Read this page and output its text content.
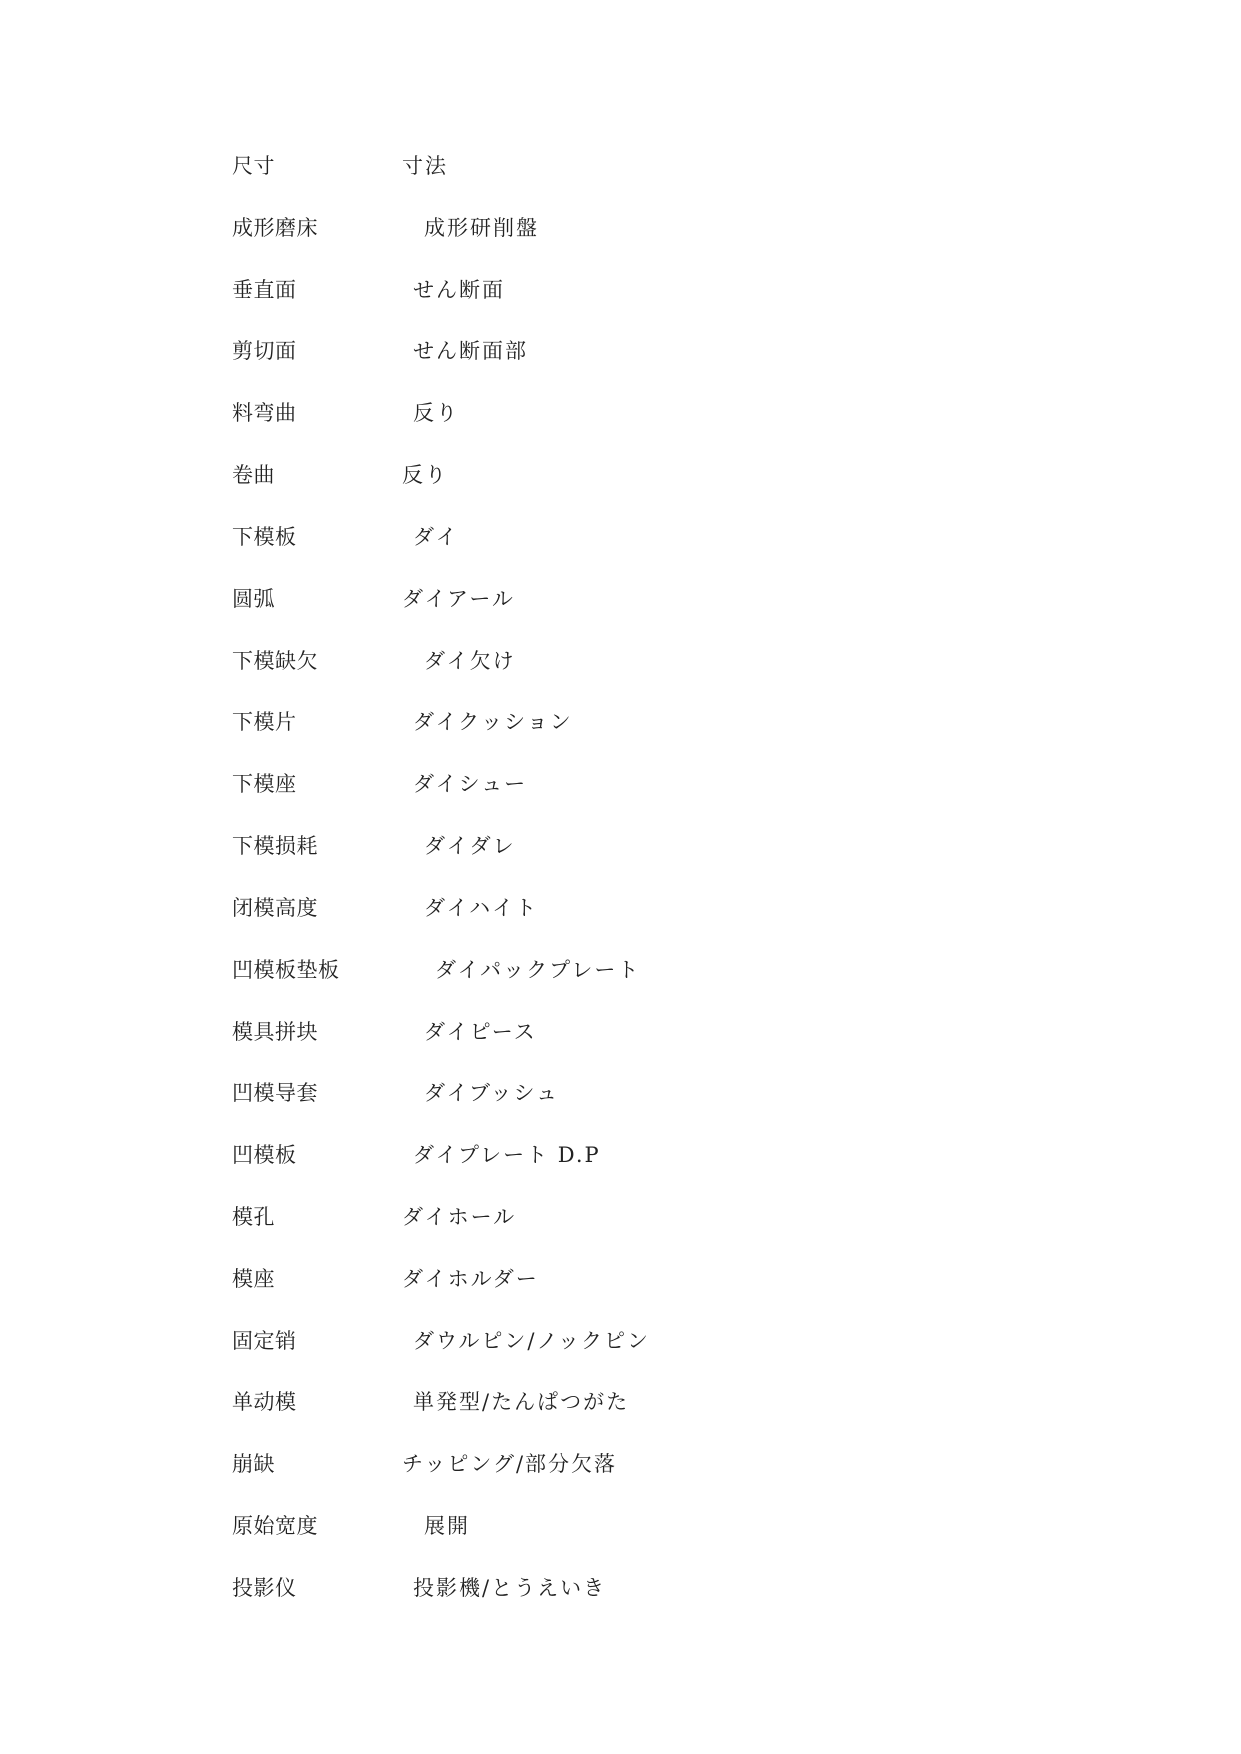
尺寸	寸法
成形磨床	成形研削盤
垂直面	せん断面
剪切面	せん断面部
料弯曲	反り
卷曲	反り
下模板	ダイ
圆弧	ダイアール
下模缺欠	ダイ欠け
下模片	ダイクッション
下模座	ダイシュー
下模损耗	ダイダレ
闭模高度	ダイハイト
凹模板垫板	ダイパックプレート
模具拼块	ダイピース
凹模导套	ダイブッシュ
凹模板	ダイプレート D.P
模孔	ダイホール
模座	ダイホルダー
固定销	ダウルピン/ノックピン
单动模	単発型/たんぱつがた
崩缺	チッピング/部分欠落
原始宽度	展開
投影仪	投影機/とうえいき
